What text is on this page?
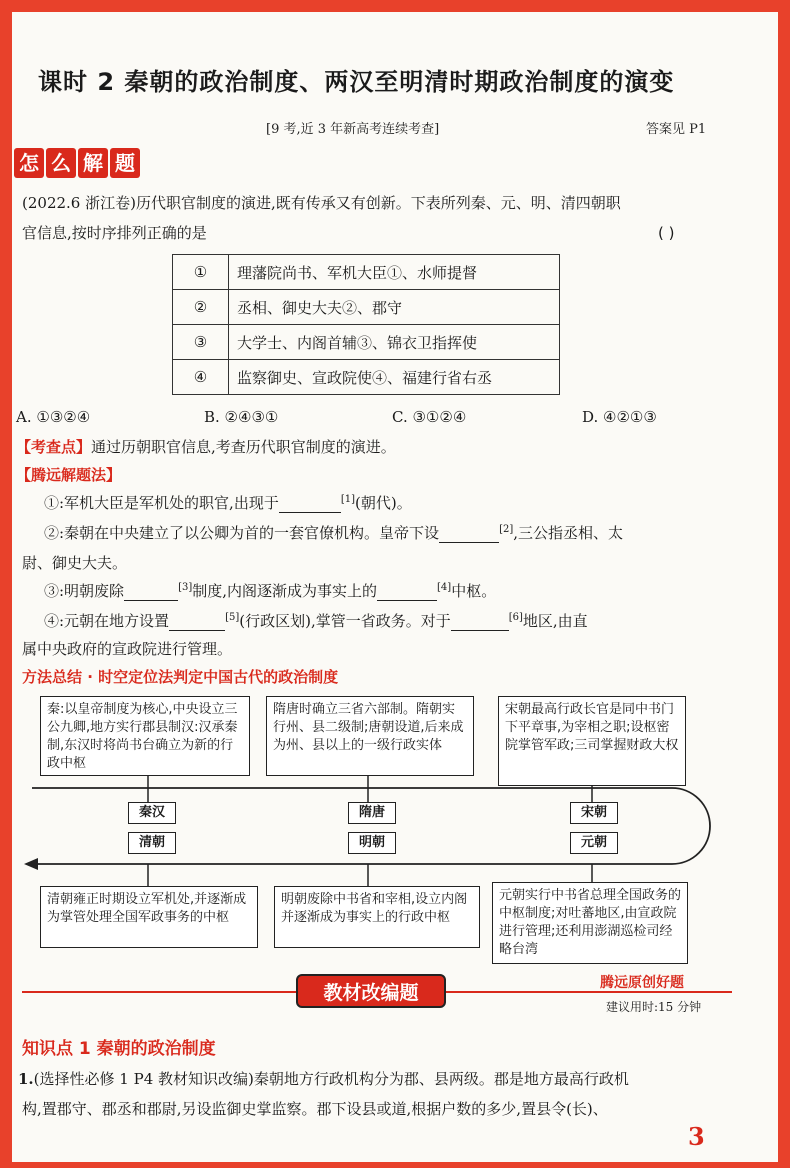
课时 2 秦朝的政治制度、两汉至明清时期政治制度的演变
[9 考,近 3 年新高考连续考查]	答案见 P1
怎 么 解 题
(2022.6 浙江卷)历代职官制度的演进,既有传承又有创新。下表所列秦、元、明、清四朝职
官信息,按时序排列正确的是	( )
①	理藩院尚书、军机大臣①、水师提督
②	丞相、御史大夫②、郡守
③	大学士、内阁首辅③、锦衣卫指挥使
④	监察御史、宣政院使④、福建行省右丞
A. ①③②④	B. ②④③①	C. ③①②④	D. ④②①③
【考查点】通过历朝职官信息,考查历代职官制度的演进。
【腾远解题法】
①:军机大臣是军机处的职官,出现于	[1](朝代)。
②:秦朝在中央建立了以公卿为首的一套官僚机构。皇帝下设	[2],三公指丞相、太
尉、御史大夫。
③:明朝废除	[3]制度,内阁逐渐成为事实上的	[4]中枢。
④:元朝在地方设置	[5](行政区划),掌管一省政务。对于	[6]地区,由直
属中央政府的宣政院进行管理。
方法总结 · 时空定位法判定中国古代的政治制度
秦:以皇帝制度为核心,中央设立三公九卿,地方实行郡县制汉:汉承秦制,东汉时将尚书台确立为新的行政中枢
隋唐时确立三省六部制。隋朝实行州、县二级制;唐朝设道,后来成为州、县以上的一级行政实体
宋朝最高行政长官是同中书门下平章事,为宰相之职;设枢密院掌管军政;三司掌握财政大权
秦汉	隋唐	宋朝
清朝	明朝	元朝
清朝雍正时期设立军机处,并逐渐成为掌管处理全国军政事务的中枢
明朝废除中书省和宰相,设立内阁并逐渐成为事实上的行政中枢
元朝实行中书省总理全国政务的中枢制度;对吐蕃地区,由宣政院进行管理;还利用澎湖巡检司经略台湾
教材改编题	腾远原创好题
建议用时:15 分钟
知识点 1 秦朝的政治制度
1.(选择性必修 1 P4 教材知识改编)秦朝地方行政机构分为郡、县两级。郡是地方最高行政机
构,置郡守、郡丞和郡尉,另设监御史掌监察。郡下设县或道,根据户数的多少,置县令(长)、
3
